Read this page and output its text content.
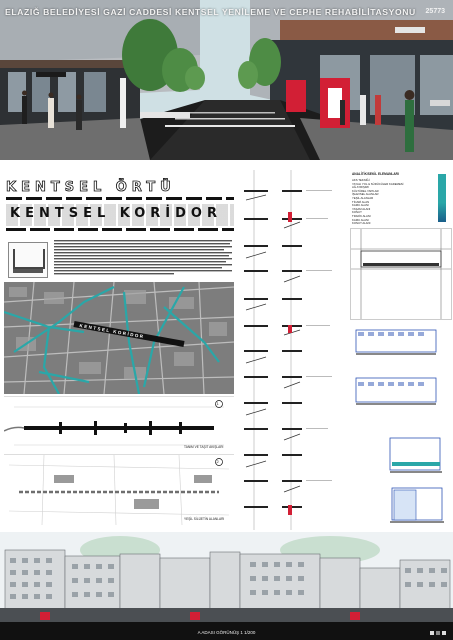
ELAZIĞ BELEDİYESİ GAZİ CADDESİ KENTSEL YENİLEME VE CEPHE REHABİLİTASYONU 25773
KENTSEL ÖRTÜ
KENTSEL KORİDOR
KENTSEL KORİDOR
1
TANIM VE TAŞIT AKIŞLARI
2
YEŞİL SİLÜETİN ALANLARI
ANALİTİK/SEKİL ELEMANLARI
AKS TEKNİĞİ
YAYALI YOL & SÜRÜCÜLER KADEMESİ
AĞ AYRIŞIMI
KÜLTÜREL YAPILAR
İŞLEVSEL ALANLAR
YEŞİL ALANLAR
TİCARİ ALAN
KAMU ALANI
YAŞAM ALANI
KONUT
TRAFİK ALANI
KAMU ALANI
KONUT ALANI
A ADASI GÖRÜNÜŞ 1 1/200
